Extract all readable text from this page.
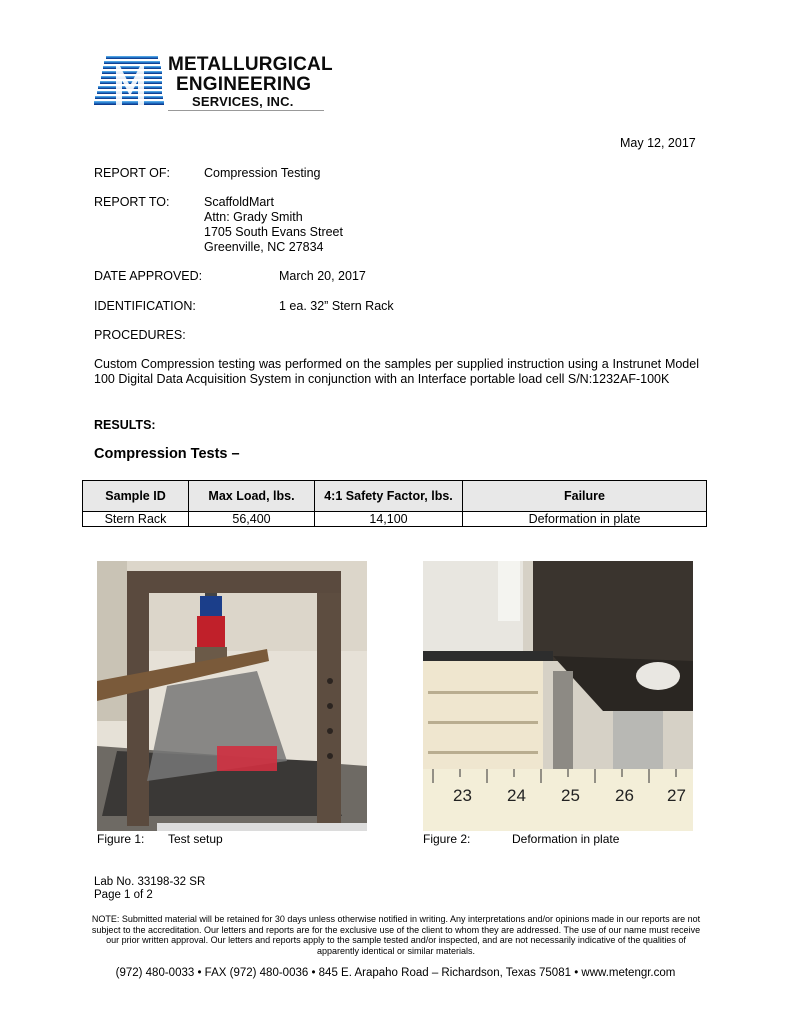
METALLURGICAL
ENGINEERING
SERVICES, INC.
May 12, 2017
REPORT OF:	Compression Testing
REPORT TO:	ScaffoldMart
Attn: Grady Smith
1705 South Evans Street
Greenville, NC 27834
DATE APPROVED:	March 20, 2017
IDENTIFICATION:	1 ea. 32” Stern Rack
PROCEDURES:
Custom Compression testing was performed on the samples per supplied instruction using a Instrunet Model 100 Digital Data Acquisition System in conjunction with an Interface portable load cell S/N:1232AF-100K
RESULTS:
Compression Tests –
Sample ID	Max Load, lbs.	4:1 Safety Factor, lbs.	Failure
Stern Rack	56,400	14,100	Deformation in plate
23 24 25 26 27
Figure 1: Test setup	Figure 2:	Deformation in plate
Lab No. 33198-32 SR
Page 1 of 2
NOTE: Submitted material will be retained for 30 days unless otherwise notified in writing. Any interpretations and/or opinions made in our reports are not subject to the accreditation. Our letters and reports are for the exclusive use of the client to whom they are addressed. The use of our name must receive our prior written approval. Our letters and reports apply to the sample tested and/or inspected, and are not necessarily indicative of the qualities of apparently identical or similar materials.
(972) 480-0033 • FAX (972) 480-0036 • 845 E. Arapaho Road – Richardson, Texas 75081 • www.metengr.com
